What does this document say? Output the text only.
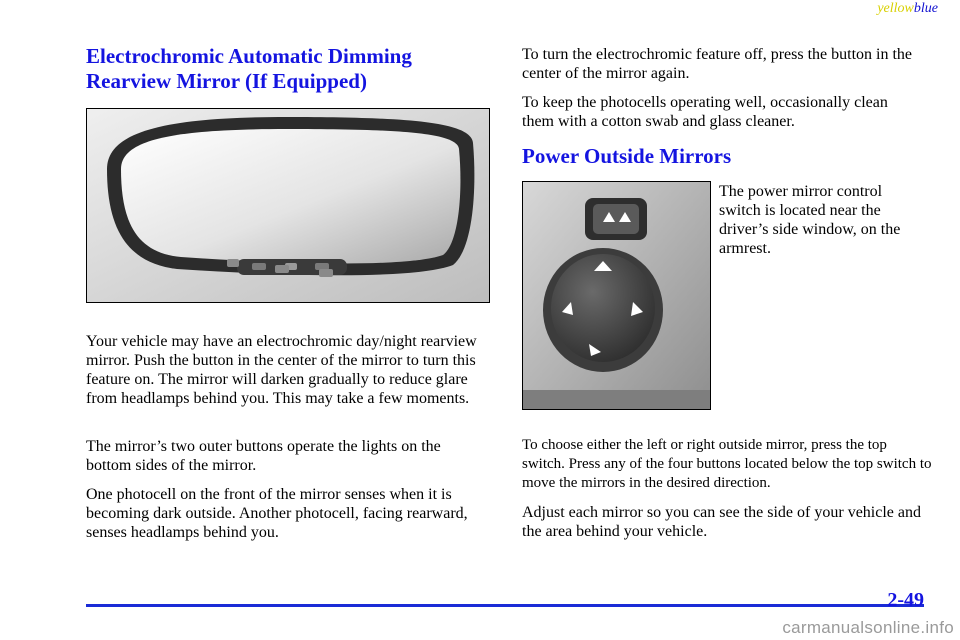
yellowblue
Electrochromic Automatic Dimming Rearview Mirror (If Equipped)

Your vehicle may have an electrochromic day/night rearview mirror. Push the button in the center of the mirror to turn this feature on. The mirror will darken gradually to reduce glare from headlamps behind you. This may take a few moments.

The mirror’s two outer buttons operate the lights on the bottom sides of the mirror.

One photocell on the front of the mirror senses when it is becoming dark outside. Another photocell, facing rearward, senses headlamps behind you.

To turn the electrochromic feature off, press the button in the center of the mirror again.

To keep the photocells operating well, occasionally clean them with a cotton swab and glass cleaner.

Power Outside Mirrors

The power mirror control switch is located near the driver’s side window, on the armrest.

To choose either the left or right outside mirror, press the top switch. Press any of the four buttons located below the top switch to move the mirrors in the desired direction.

Adjust each mirror so you can see the side of your vehicle and the area behind your vehicle.

2-49
carmanualsonline.info
